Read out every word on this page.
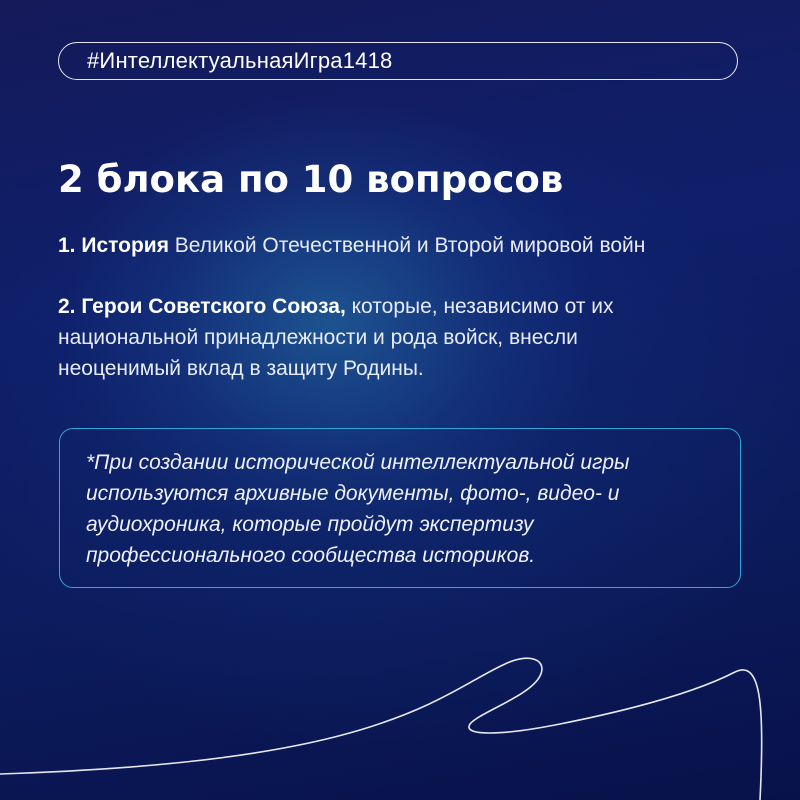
#ИнтеллектуальнаяИгра1418
2 блока по 10 вопросов
1. История Великой Отечественной и Второй мировой войн
2. Герои Советского Союза, которые, независимо от их национальной принадлежности и рода войск, внесли неоценимый вклад в защиту Родины.
*При создании исторической интеллектуальной игры используются архивные документы, фото-, видео- и аудиохроника, которые пройдут экспертизу профессионального сообщества историков.
